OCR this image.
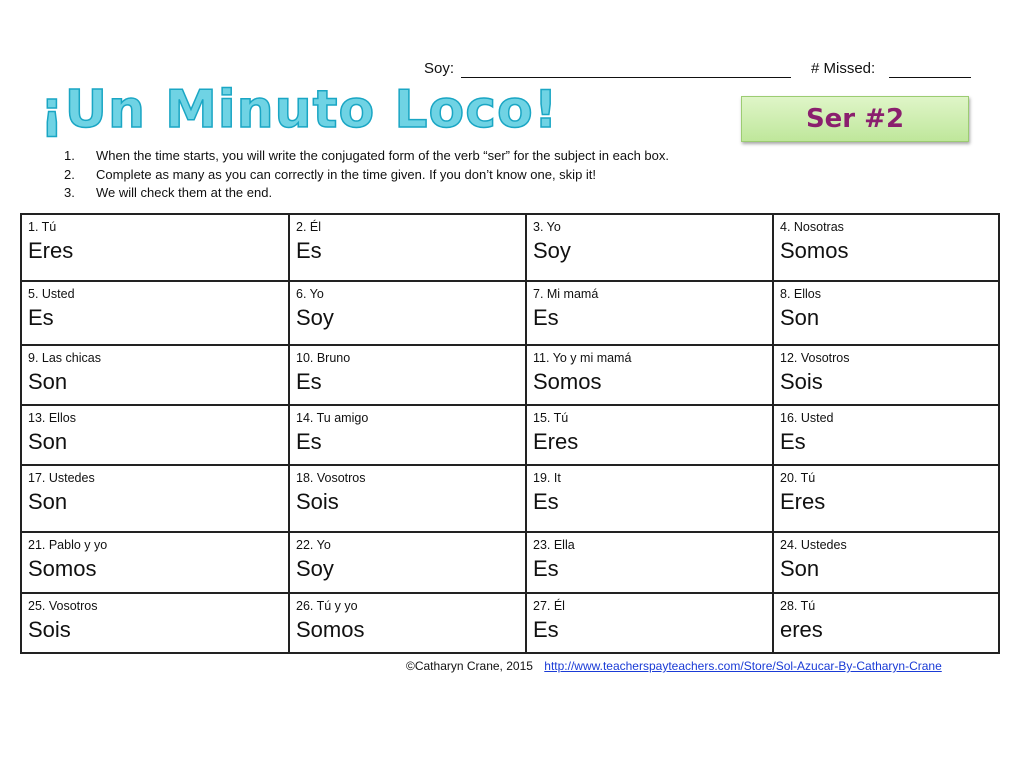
Soy:	# Missed:
¡Un Minuto Loco!	Ser #2
1. When the time starts, you will write the conjugated form of the verb “ser” for the subject in each box.
2. Complete as many as you can correctly in the time given. If you don’t know one, skip it!
3. We will check them at the end.
1. Tú
Eres	2. Él
Es	3. Yo
Soy	4. Nosotras
Somos

5. Usted
Es	6. Yo
Soy	7. Mi mamá
Es	8. Ellos
Son

9. Las chicas
Son	10. Bruno
Es	11. Yo y mi mamá
Somos	12. Vosotros
Sois

13. Ellos
Son	14. Tu amigo
Es	15. Tú
Eres	16. Usted
Es

17. Ustedes
Son	18. Vosotros
Sois	19. It
Es	20. Tú
Eres

21. Pablo y yo
Somos	22. Yo
Soy	23. Ella
Es	24. Ustedes
Son

25. Vosotros
Sois	26. Tú y yo
Somos	27. Él
Es	28. Tú
eres
©Catharyn Crane, 2015 http://www.teacherspayteachers.com/Store/Sol-Azucar-By-Catharyn-Crane
